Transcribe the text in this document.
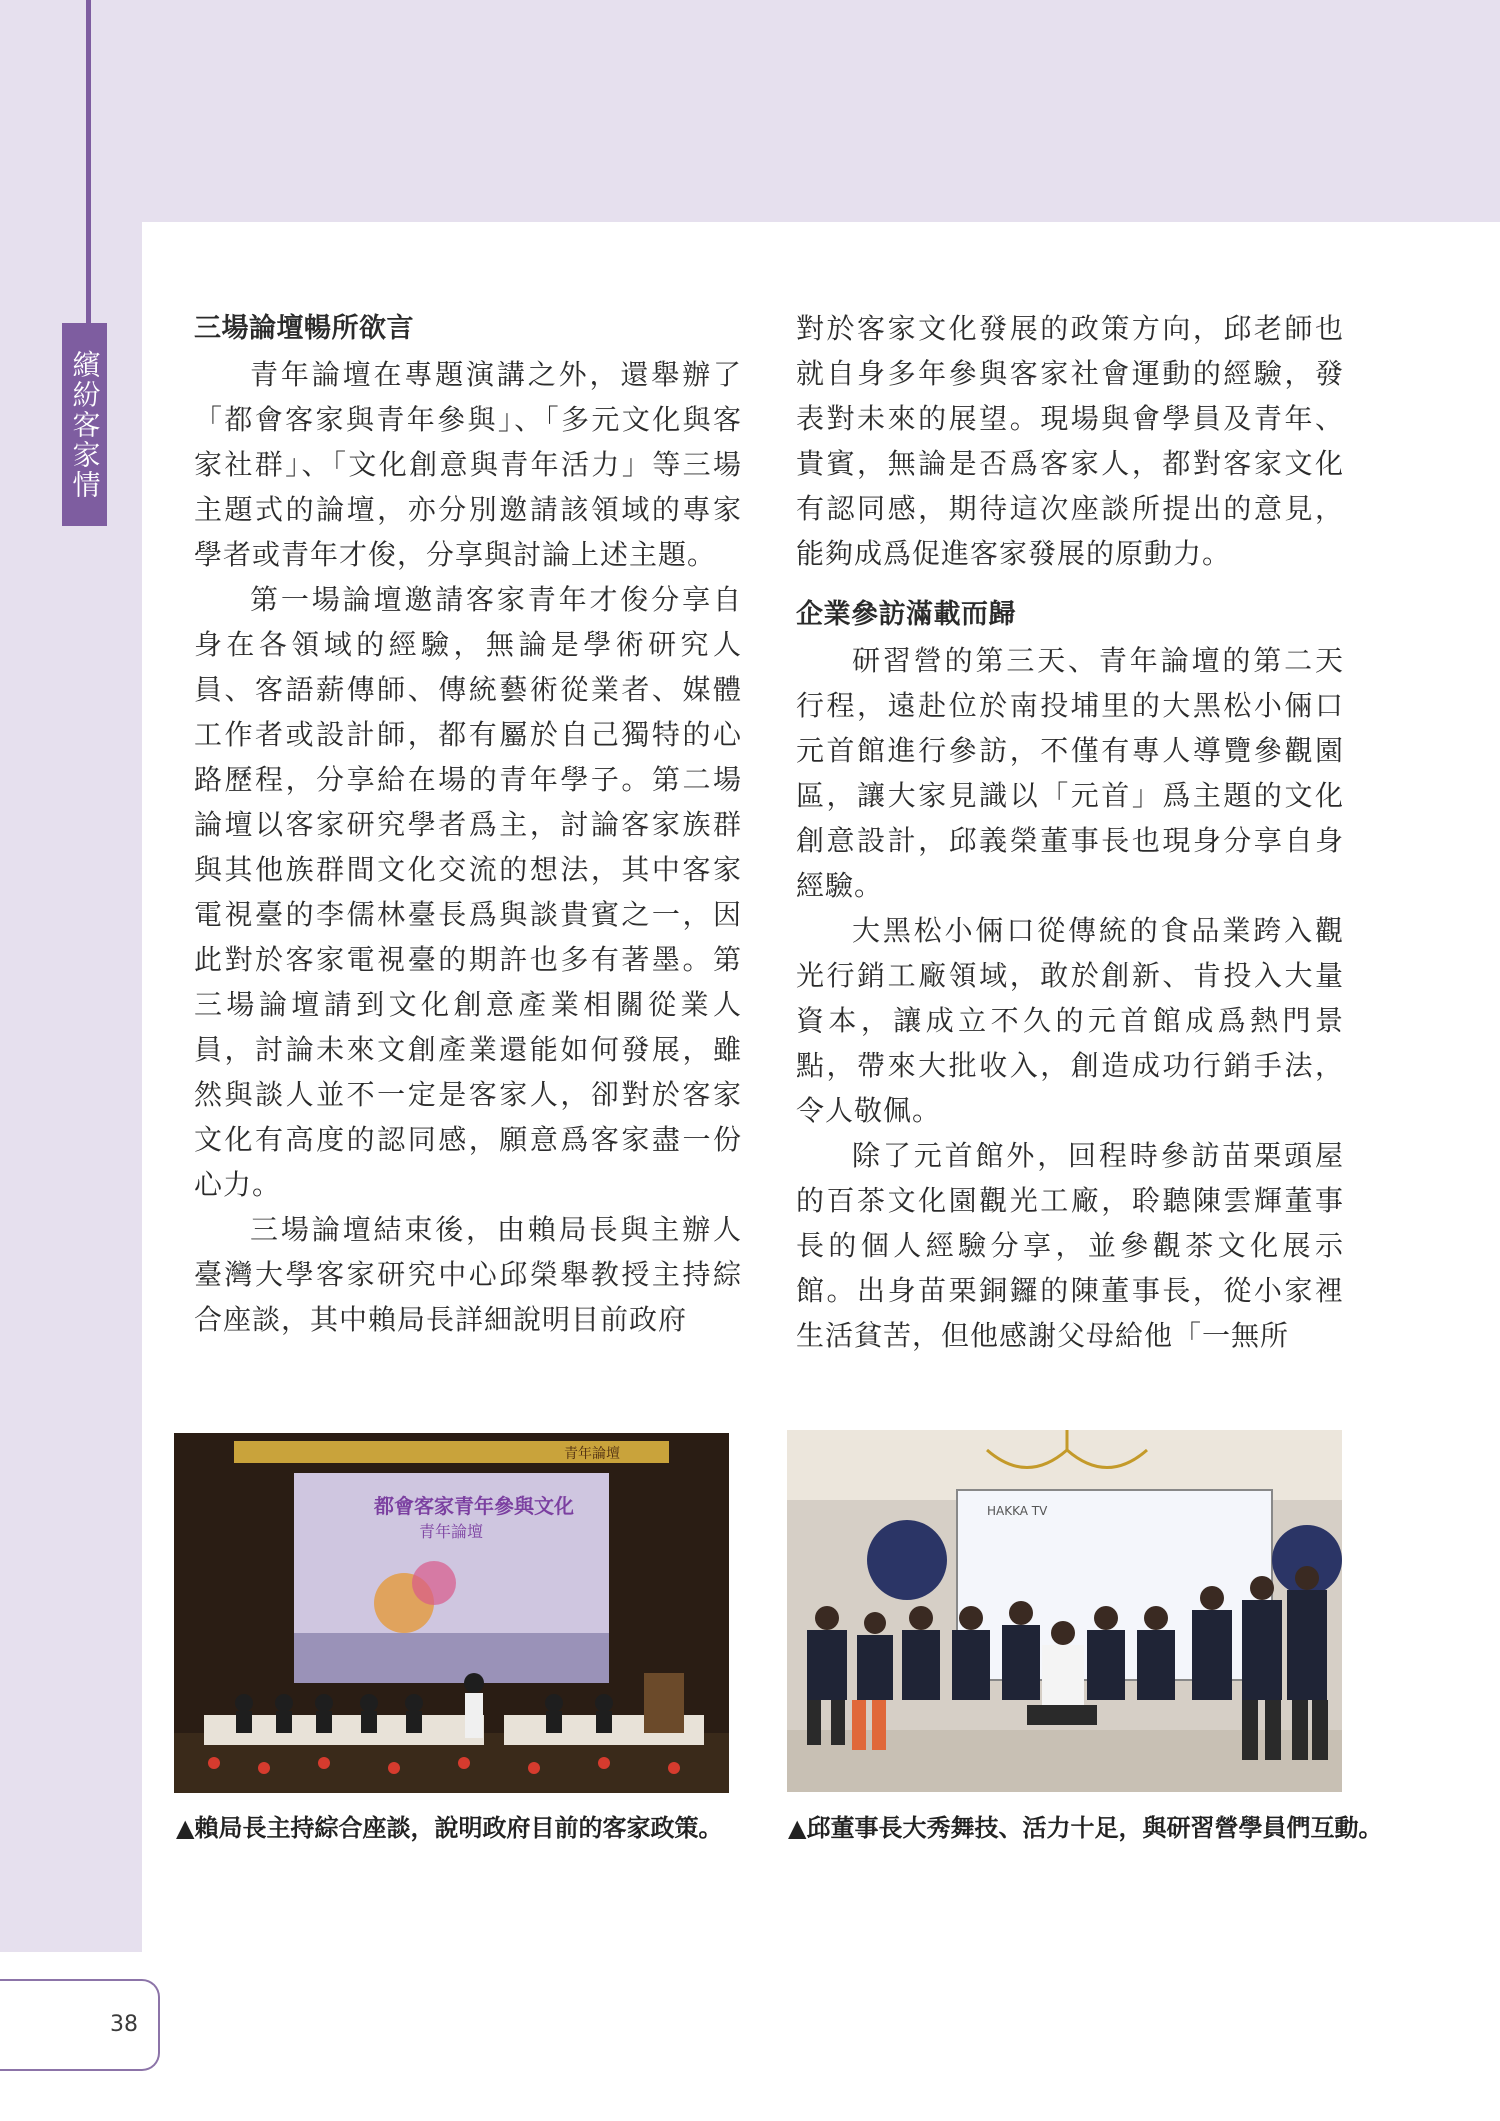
繽紛客家情
三場論壇暢所欲言

青年論壇在專題演講之外，還舉辦了「都會客家與青年參與」、「多元文化與客家社群」、「文化創意與青年活力」等三場主題式的論壇，亦分別邀請該領域的專家學者或青年才俊，分享與討論上述主題。

第一場論壇邀請客家青年才俊分享自身在各領域的經驗，無論是學術研究人員、客語薪傳師、傳統藝術從業者、媒體工作者或設計師，都有屬於自己獨特的心路歷程，分享給在場的青年學子。第二場論壇以客家研究學者爲主，討論客家族群與其他族群間文化交流的想法，其中客家電視臺的李儒林臺長爲與談貴賓之一，因此對於客家電視臺的期許也多有著墨。第三場論壇請到文化創意產業相關從業人員，討論未來文創產業還能如何發展，雖然與談人並不一定是客家人，卻對於客家文化有高度的認同感，願意爲客家盡一份心力。

三場論壇結束後，由賴局長與主辦人臺灣大學客家研究中心邱榮舉教授主持綜合座談，其中賴局長詳細說明目前政府

對於客家文化發展的政策方向，邱老師也就自身多年參與客家社會運動的經驗，發表對未來的展望。現場與會學員及青年、貴賓，無論是否爲客家人，都對客家文化有認同感，期待這次座談所提出的意見，能夠成爲促進客家發展的原動力。

企業參訪滿載而歸

研習營的第三天、青年論壇的第二天行程，遠赴位於南投埔里的大黑松小倆口元首館進行參訪，不僅有專人導覽參觀園區，讓大家見識以「元首」爲主題的文化創意設計，邱義榮董事長也現身分享自身經驗。

大黑松小倆口從傳統的食品業跨入觀光行銷工廠領域，敢於創新、肯投入大量資本，讓成立不久的元首館成爲熱門景點，帶來大批收入，創造成功行銷手法，令人敬佩。

除了元首館外，回程時參訪苗栗頭屋的百茶文化園觀光工廠，聆聽陳雲輝董事長的個人經驗分享，並參觀茶文化展示館。出身苗栗銅鑼的陳董事長，從小家裡生活貧苦，但他感謝父母給他「一無所

青年論壇
都會客家青年參與文化
青年論壇
HAKKA TV
▲賴局長主持綜合座談，說明政府目前的客家政策。	▲邱董事長大秀舞技、活力十足，與研習營學員們互動。
38
